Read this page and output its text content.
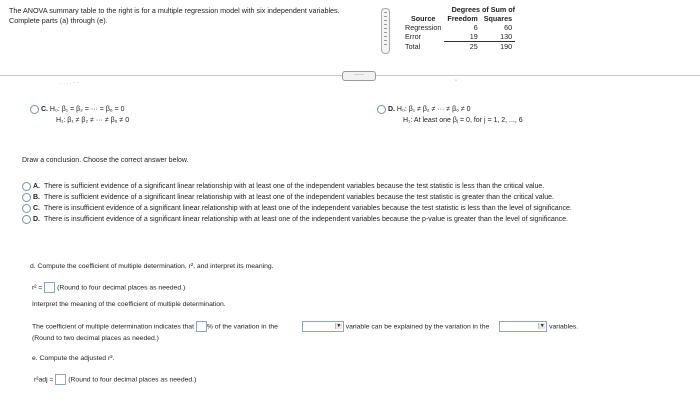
The ANOVA summary table to the right is for a multiple regression model with six independent variables. Complete parts (a) through (e).
Degrees of Sum of
Source	Freedom	Squares
Regression	6	60
Error	19	130
Total	25	190
·····
. . . . - -	′′
C. H₀: β₁ = β₂ = ··· = β₆ = 0
H₁: β₁ ≠ β₂ ≠ ··· ≠ β₆ ≠ 0
D. H₀: β₁ ≠ β₂ ≠ ··· ≠ β₆ ≠ 0
H₁: At least one βⱼ = 0, for j = 1, 2, ..., 6
Draw a conclusion. Choose the correct answer below.
A. There is sufficient evidence of a significant linear relationship with at least one of the independent variables because the test statistic is less than the critical value.
B. There is sufficient evidence of a significant linear relationship with at least one of the independent variables because the test statistic is greater than the critical value.
C. There is insufficient evidence of a significant linear relationship with at least one of the independent variables because the test statistic is less than the level of significance.
D. There is insufficient evidence of a significant linear relationship with at least one of the independent variables because the p-value is greater than the level of significance.
d. Compute the coefficient of multiple determination, r², and interpret its meaning.
r² = (Round to four decimal places as needed.)
Interpret the meaning of the coefficient of multiple determination.
The coefficient of multiple determination indicates that % of the variation in the	▼ variable can be explained by the variation in the	▼ variables.
(Round to two decimal places as needed.)
e. Compute the adjusted r².
r²adj = (Round to four decimal places as needed.)
